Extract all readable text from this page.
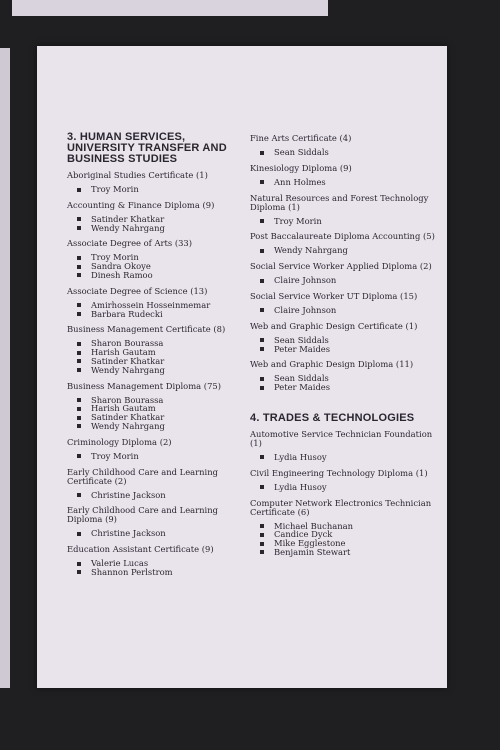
3. HUMAN SERVICES, UNIVERSITY TRANSFER AND BUSINESS STUDIES
Aboriginal Studies Certificate (1)
Troy Morin
Accounting & Finance Diploma (9)
Satinder Khatkar
Wendy Nahrgang
Associate Degree of Arts (33)
Troy Morin
Sandra Okoye
Dinesh Ramoo
Associate Degree of Science (13)
Amirhossein Hosseinmemar
Barbara Rudecki
Business Management Certificate (8)
Sharon Bourassa
Harish Gautam
Satinder Khatkar
Wendy Nahrgang
Business Management Diploma (75)
Sharon Bourassa
Harish Gautam
Satinder Khatkar
Wendy Nahrgang
Criminology Diploma (2)
Troy Morin
Early Childhood Care and Learning Certificate (2)
Christine Jackson
Early Childhood Care and Learning Diploma (9)
Christine Jackson
Education Assistant Certificate (9)
Valerie Lucas
Shannon Perlstrom
Fine Arts Certificate (4)
Sean Siddals
Kinesiology Diploma (9)
Ann Holmes
Natural Resources and Forest Technology Diploma (1)
Troy Morin
Post Baccalaureate Diploma Accounting (5)
Wendy Nahrgang
Social Service Worker Applied Diploma (2)
Claire Johnson
Social Service Worker UT Diploma (15)
Claire Johnson
Web and Graphic Design Certificate (1)
Sean Siddals
Peter Maides
Web and Graphic Design Diploma (11)
Sean Siddals
Peter Maides
4. TRADES & TECHNOLOGIES
Automotive Service Technician Foundation (1)
Lydia Husoy
Civil Engineering Technology Diploma (1)
Lydia Husoy
Computer Network Electronics Technician Certificate (6)
Michael Buchanan
Candice Dyck
Mike Egglestone
Benjamin Stewart
